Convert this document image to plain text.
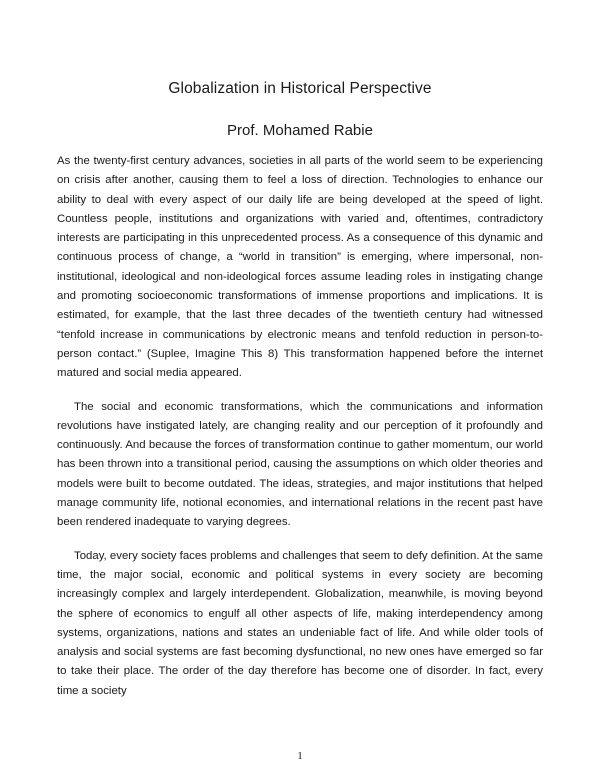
Globalization in Historical Perspective
Prof. Mohamed Rabie

As the twenty-first century advances, societies in all parts of the world seem to be experiencing on crisis after another, causing them to feel a loss of direction. Technologies to enhance our ability to deal with every aspect of our daily life are being developed at the speed of light. Countless people, institutions and organizations with varied and, oftentimes, contradictory interests are participating in this unprecedented process. As a consequence of this dynamic and continuous process of change, a “world in transition” is emerging, where impersonal, non-institutional, ideological and non-ideological forces assume leading roles in instigating change and promoting socioeconomic transformations of immense proportions and implications. It is estimated, for example, that the last three decades of the twentieth century had witnessed “tenfold increase in communications by electronic means and tenfold reduction in person-to-person contact.” (Suplee, Imagine This 8) This transformation happened before the internet matured and social media appeared.

The social and economic transformations, which the communications and information revolutions have instigated lately, are changing reality and our perception of it profoundly and continuously. And because the forces of transformation continue to gather momentum, our world has been thrown into a transitional period, causing the assumptions on which older theories and models were built to become outdated. The ideas, strategies, and major institutions that helped manage community life, notional economies, and international relations in the recent past have been rendered inadequate to varying degrees.

Today, every society faces problems and challenges that seem to defy definition. At the same time, the major social, economic and political systems in every society are becoming increasingly complex and largely interdependent. Globalization, meanwhile, is moving beyond the sphere of economics to engulf all other aspects of life, making interdependency among systems, organizations, nations and states an undeniable fact of life. And while older tools of analysis and social systems are fast becoming dysfunctional, no new ones have emerged so far to take their place. The order of the day therefore has become one of disorder. In fact, every time a society

1
